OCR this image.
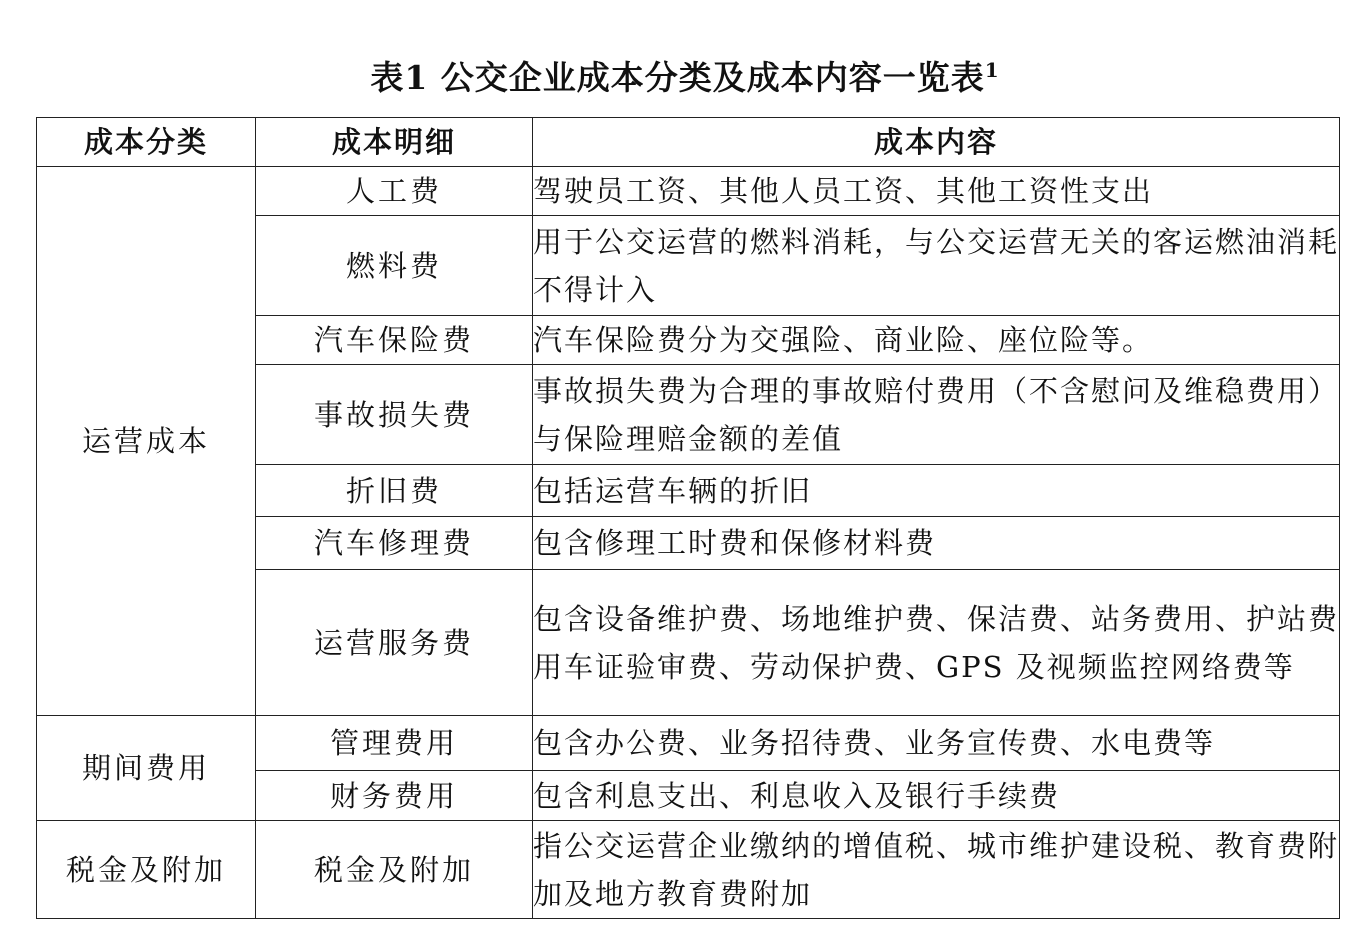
表1 公交企业成本分类及成本内容一览表$^1$
成本分类	成本明细	成本内容
运营成本	人工费	驾驶员工资、其他人员工资、其他工资性支出
	燃料费	用于公交运营的燃料消耗，与公交运营无关的客运燃油消耗不得计入
	汽车保险费	汽车保险费分为交强险、商业险、座位险等。
	事故损失费	事故损失费为合理的事故赔付费用（不含慰问及维稳费用）与保险理赔金额的差值
	折旧费	包括运营车辆的折旧
	汽车修理费	包含修理工时费和保修材料费
	运营服务费	包含设备维护费、场地维护费、保洁费、站务费用、护站费用车证验审费、劳动保护费、GPS 及视频监控网络费等
期间费用	管理费用	包含办公费、业务招待费、业务宣传费、水电费等
	财务费用	包含利息支出、利息收入及银行手续费
税金及附加	税金及附加	指公交运营企业缴纳的增值税、城市维护建设税、教育费附加及地方教育费附加
